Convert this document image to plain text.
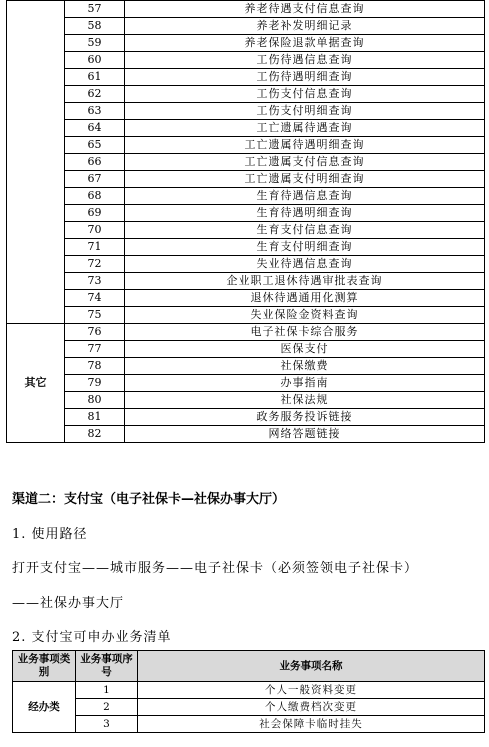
	57	养老待遇支付信息查询
	58	养老补发明细记录
	59	养老保险退款单据查询
	60	工伤待遇信息查询
	61	工伤待遇明细查询
	62	工伤支付信息查询
	63	工伤支付明细查询
	64	工亡遗属待遇查询
	65	工亡遗属待遇明细查询
	66	工亡遗属支付信息查询
	67	工亡遗属支付明细查询
	68	生育待遇信息查询
	69	生育待遇明细查询
	70	生育支付信息查询
	71	生育支付明细查询
	72	失业待遇信息查询
	73	企业职工退休待遇审批表查询
	74	退休待遇通用化测算
	75	失业保险金资料查询
其它	76	电子社保卡综合服务
	77	医保支付
	78	社保缴费
	79	办事指南
	80	社保法规
	81	政务服务投诉链接
	82	网络答题链接
渠道二：支付宝（电子社保卡—社保办事大厅）
1. 使用路径
打开支付宝——城市服务——电子社保卡（必须签领电子社保卡）
——社保办事大厅
2. 支付宝可申办业务清单
业务事项类别	业务事项序号	业务事项名称
经办类	1	个人一般资料变更
	2	个人缴费档次变更
	3	社会保障卡临时挂失
